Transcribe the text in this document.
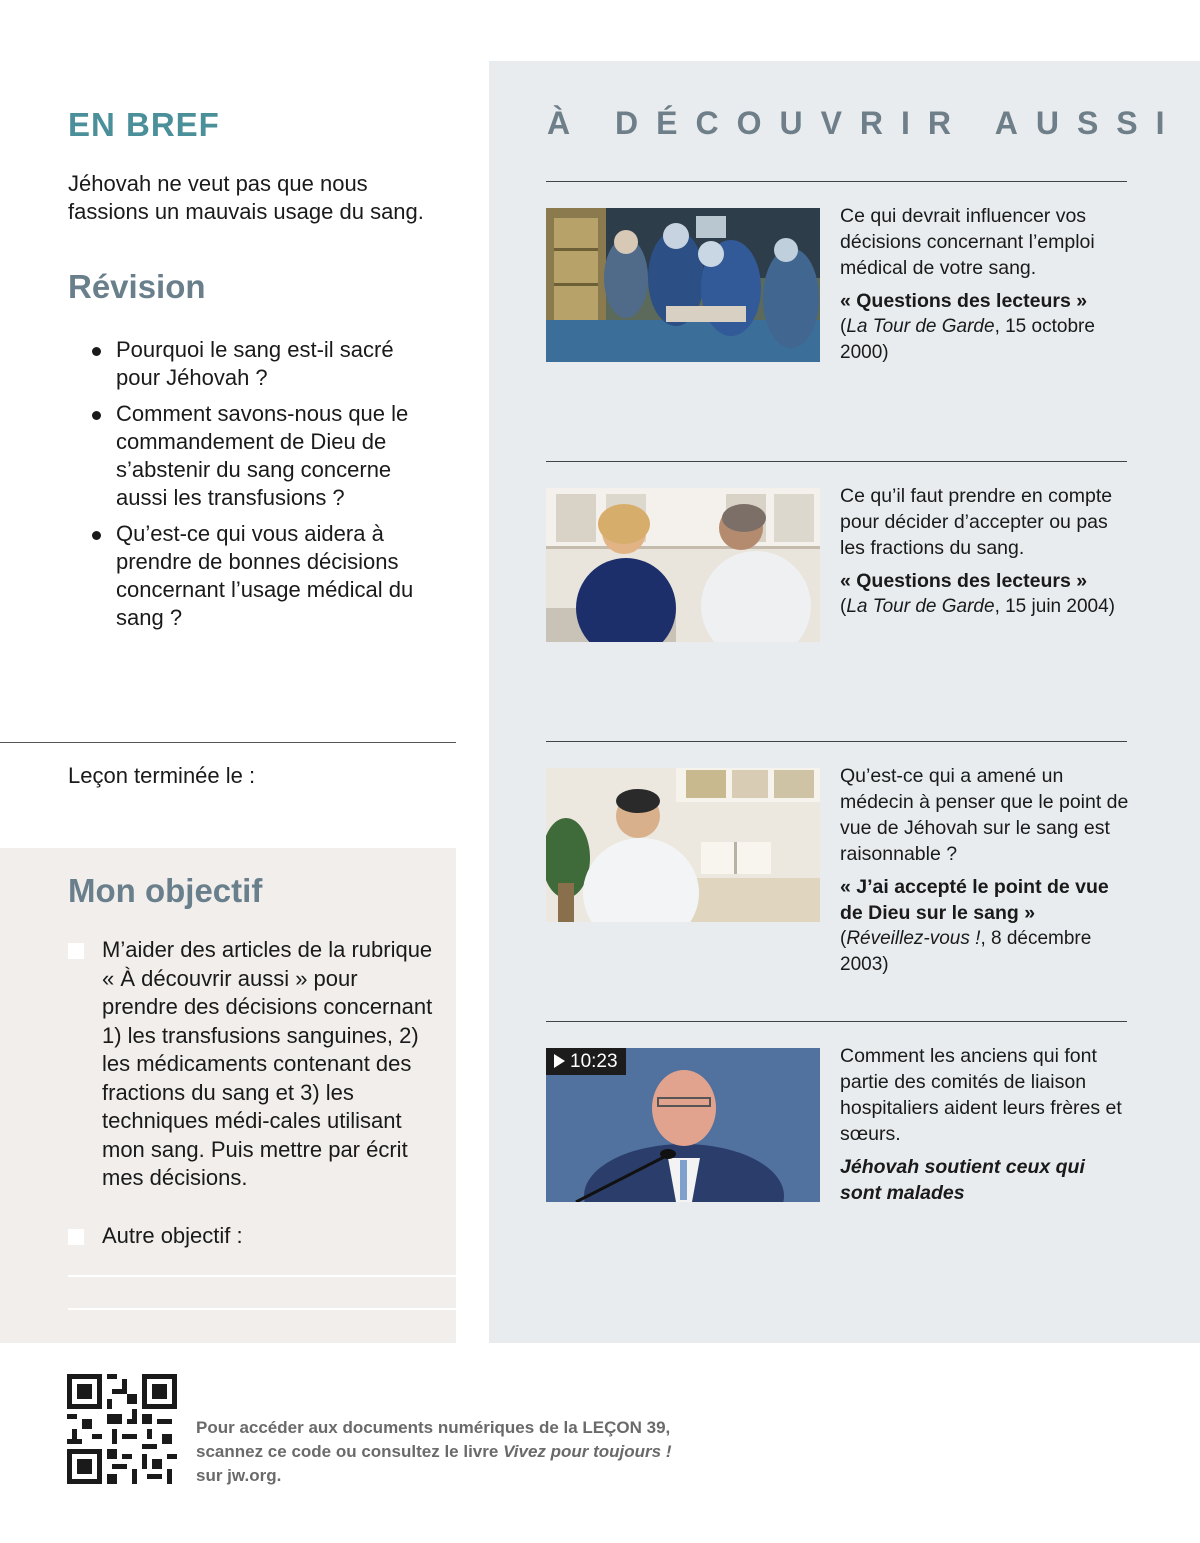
EN BREF

Jéhovah ne veut pas que nous fassions un mauvais usage du sang.

Révision
Pourquoi le sang est-il sacré pour Jéhovah ?
Comment savons-nous que le commandement de Dieu de s’abstenir du sang concerne aussi les transfusions ?
Qu’est-ce qui vous aidera à prendre de bonnes décisions concernant l’usage médical du sang ?
Leçon terminée le :
Mon objectif
M’aider des articles de la rubrique « À découvrir aussi » pour prendre des décisions concernant 1) les transfusions sanguines, 2) les médicaments contenant des fractions du sang et 3) les techniques médi-cales utilisant mon sang. Puis mettre par écrit mes décisions.
Autre objectif :
À DÉCOUVRIR AUSSI
Ce qui devrait influencer vos décisions concernant l’emploi médical de votre sang.
« Questions des lecteurs »
(La Tour de Garde, 15 octobre 2000)
Ce qu’il faut prendre en compte pour décider d’accepter ou pas les fractions du sang.
« Questions des lecteurs »
(La Tour de Garde, 15 juin 2004)
Qu’est-ce qui a amené un médecin à penser que le point de vue de Jéhovah sur le sang est raisonnable ?
« J’ai accepté le point de vue de Dieu sur le sang »
(Réveillez-vous !, 8 décembre 2003)
10:23	Comment les anciens qui font partie des comités de liaison hospitaliers aident leurs frères et sœurs.
Jéhovah soutient ceux qui sont malades
Pour accéder aux documents numériques de la LEÇON 39,
scannez ce code ou consultez le livre Vivez pour toujours !
sur jw.org.
